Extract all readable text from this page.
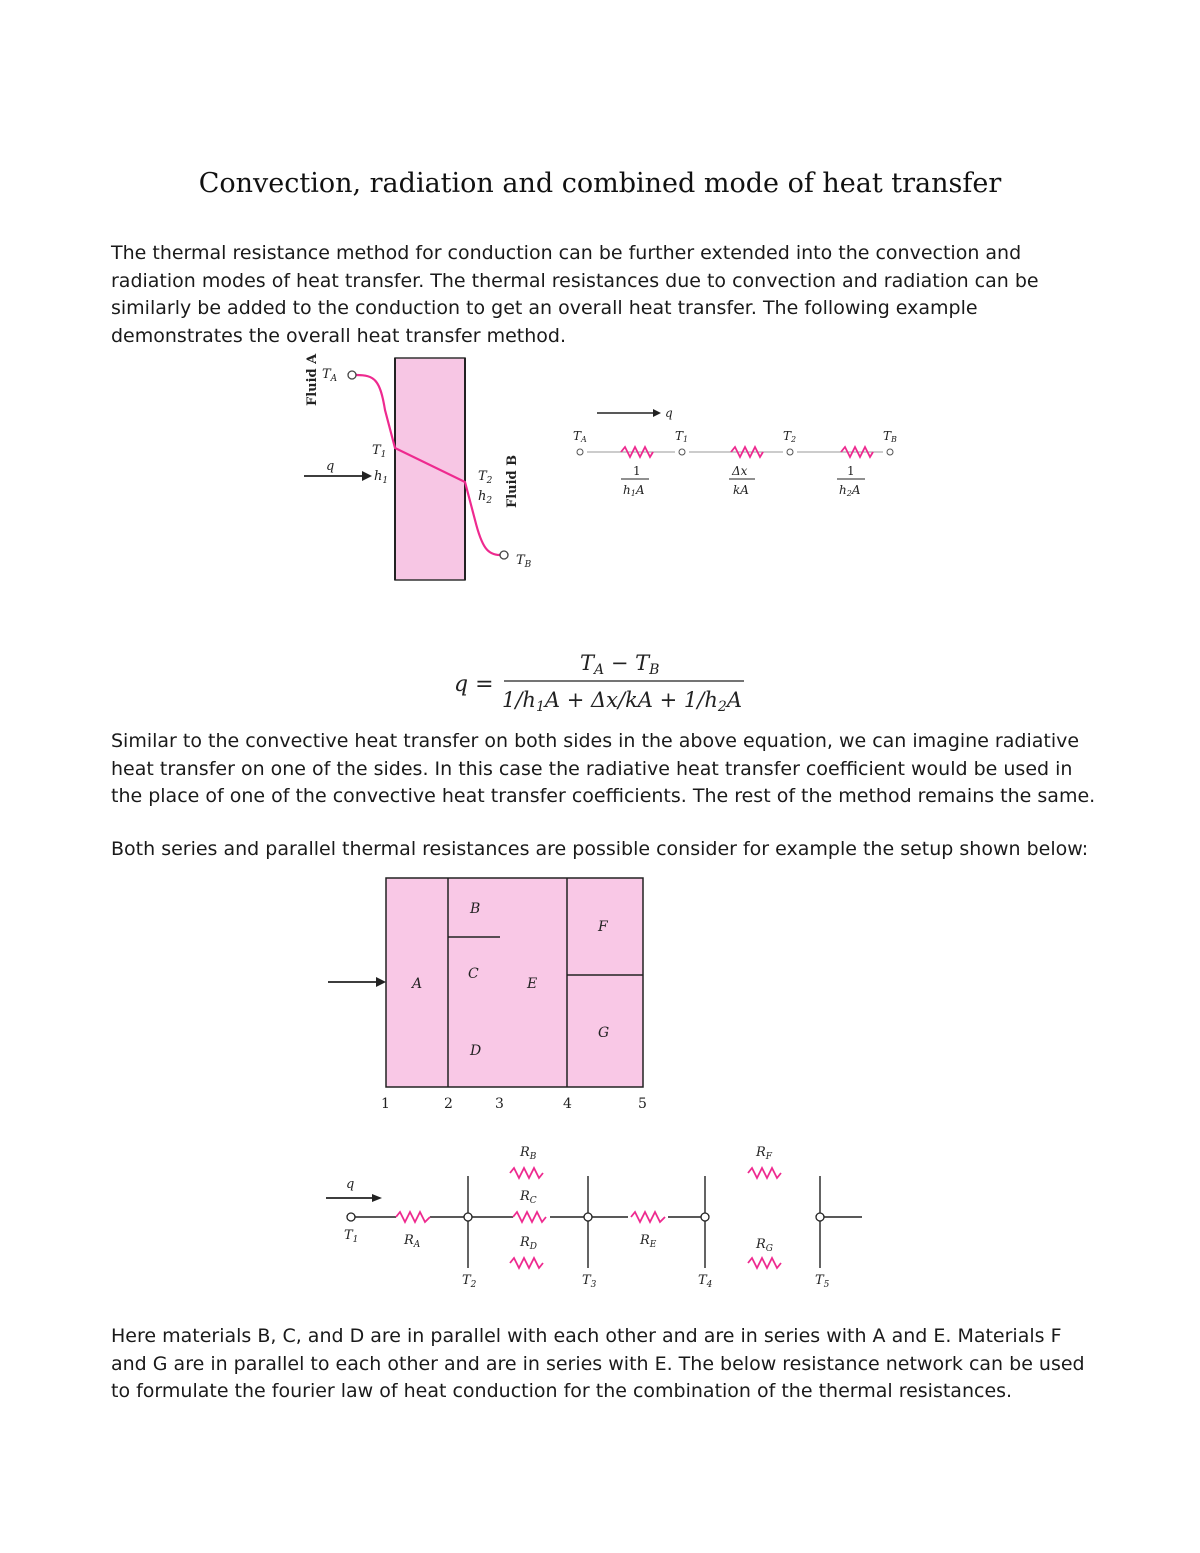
Convection, radiation and combined mode of heat transfer
The thermal resistance method for conduction can be further extended into the convection and radiation modes of heat transfer. The thermal resistances due to convection and radiation can be similarly be added to the conduction to get an overall heat transfer. The following example demonstrates the overall heat transfer method.
Fluid A
Fluid B
q
$T_A$
$T_1$
$h_1$	$T_2$
$h_2$
$T_B$
q
TA	T1	T2	TB
1
h1A
Δx
kA
1
h2A
q =
TA − TB
1/h1A + Δx/kA + 1/h2A
Similar to the convective heat transfer on both sides in the above equation, we can imagine radiative heat transfer on one of the sides. In this case the radiative heat transfer coefficient would be used in the place of one of the convective heat transfer coefficients. The rest of the method remains the same.
Both series and parallel thermal resistances are possible consider for example the setup shown below:
A
B
C
D
E
F
G
1	2	3	4	5
q
$T_1$
$T_2$	$T_3$	$T_4$	$T_5$
$R_A$
$R_B$
$R_C$
$R_D$	$R_E$
$R_F$
$R_G$
Here materials B, C, and D are in parallel with each other and are in series with A and E. Materials F and G are in parallel to each other and are in series with E. The below resistance network can be used to formulate the fourier law of heat conduction for the combination of the thermal resistances.
